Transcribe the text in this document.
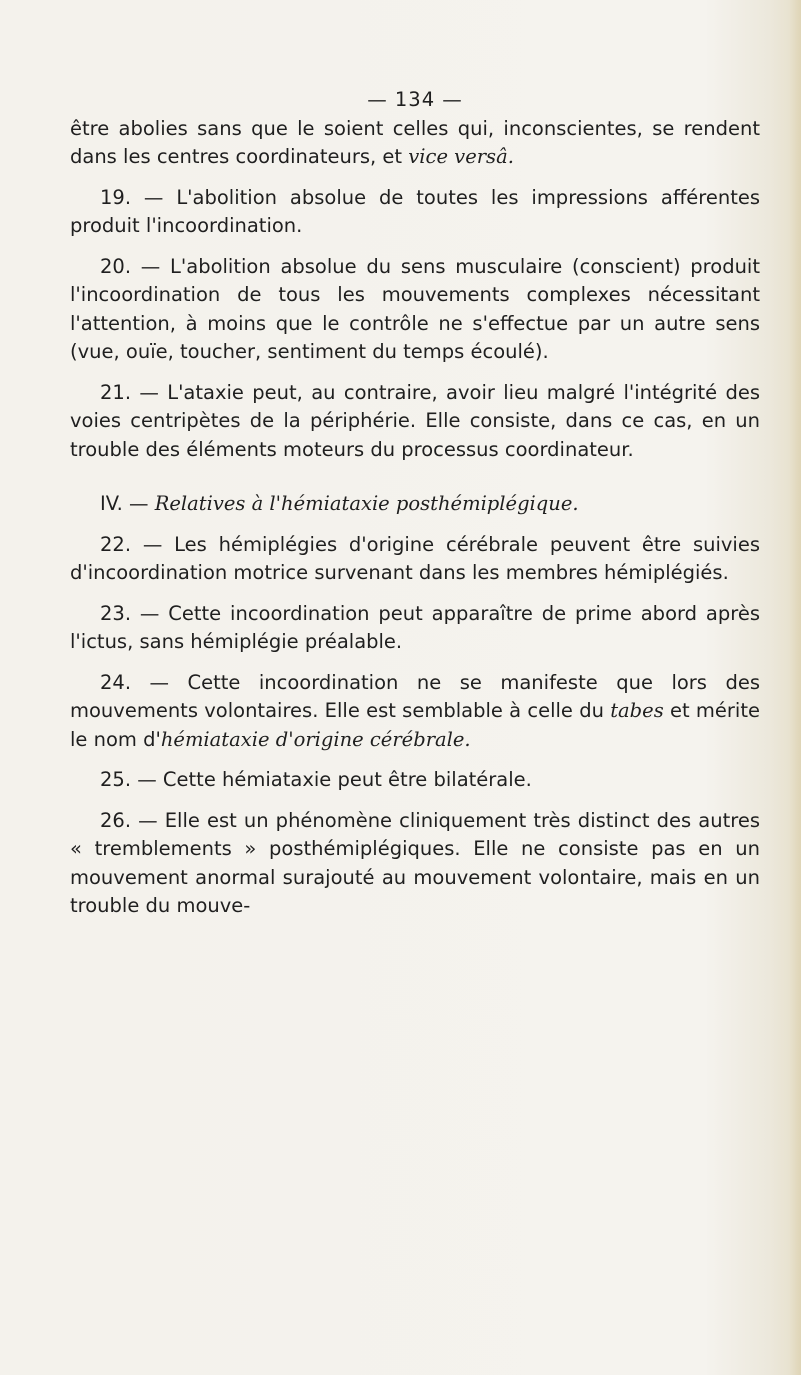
— 134 —

être abolies sans que le soient celles qui, inconscientes, se rendent dans les centres coordinateurs, et vice versâ.

19. — L'abolition absolue de toutes les impressions afférentes produit l'incoordination.

20. — L'abolition absolue du sens musculaire (conscient) produit l'incoordination de tous les mouvements complexes nécessitant l'attention, à moins que le contrôle ne s'effectue par un autre sens (vue, ouïe, toucher, sentiment du temps écoulé).

21. — L'ataxie peut, au contraire, avoir lieu malgré l'intégrité des voies centripètes de la périphérie. Elle consiste, dans ce cas, en un trouble des éléments moteurs du processus coordinateur.

IV. — Relatives à l'hémiataxie posthémiplégique.

22. — Les hémiplégies d'origine cérébrale peuvent être suivies d'incoordination motrice survenant dans les membres hémiplégiés.

23. — Cette incoordination peut apparaître de prime abord après l'ictus, sans hémiplégie préalable.

24. — Cette incoordination ne se manifeste que lors des mouvements volontaires. Elle est semblable à celle du tabes et mérite le nom d'hémiataxie d'origine cérébrale.

25. — Cette hémiataxie peut être bilatérale.

26. — Elle est un phénomène cliniquement très distinct des autres « tremblements » posthémiplégiques. Elle ne consiste pas en un mouvement anormal surajouté au mouvement volontaire, mais en un trouble du mouve-
